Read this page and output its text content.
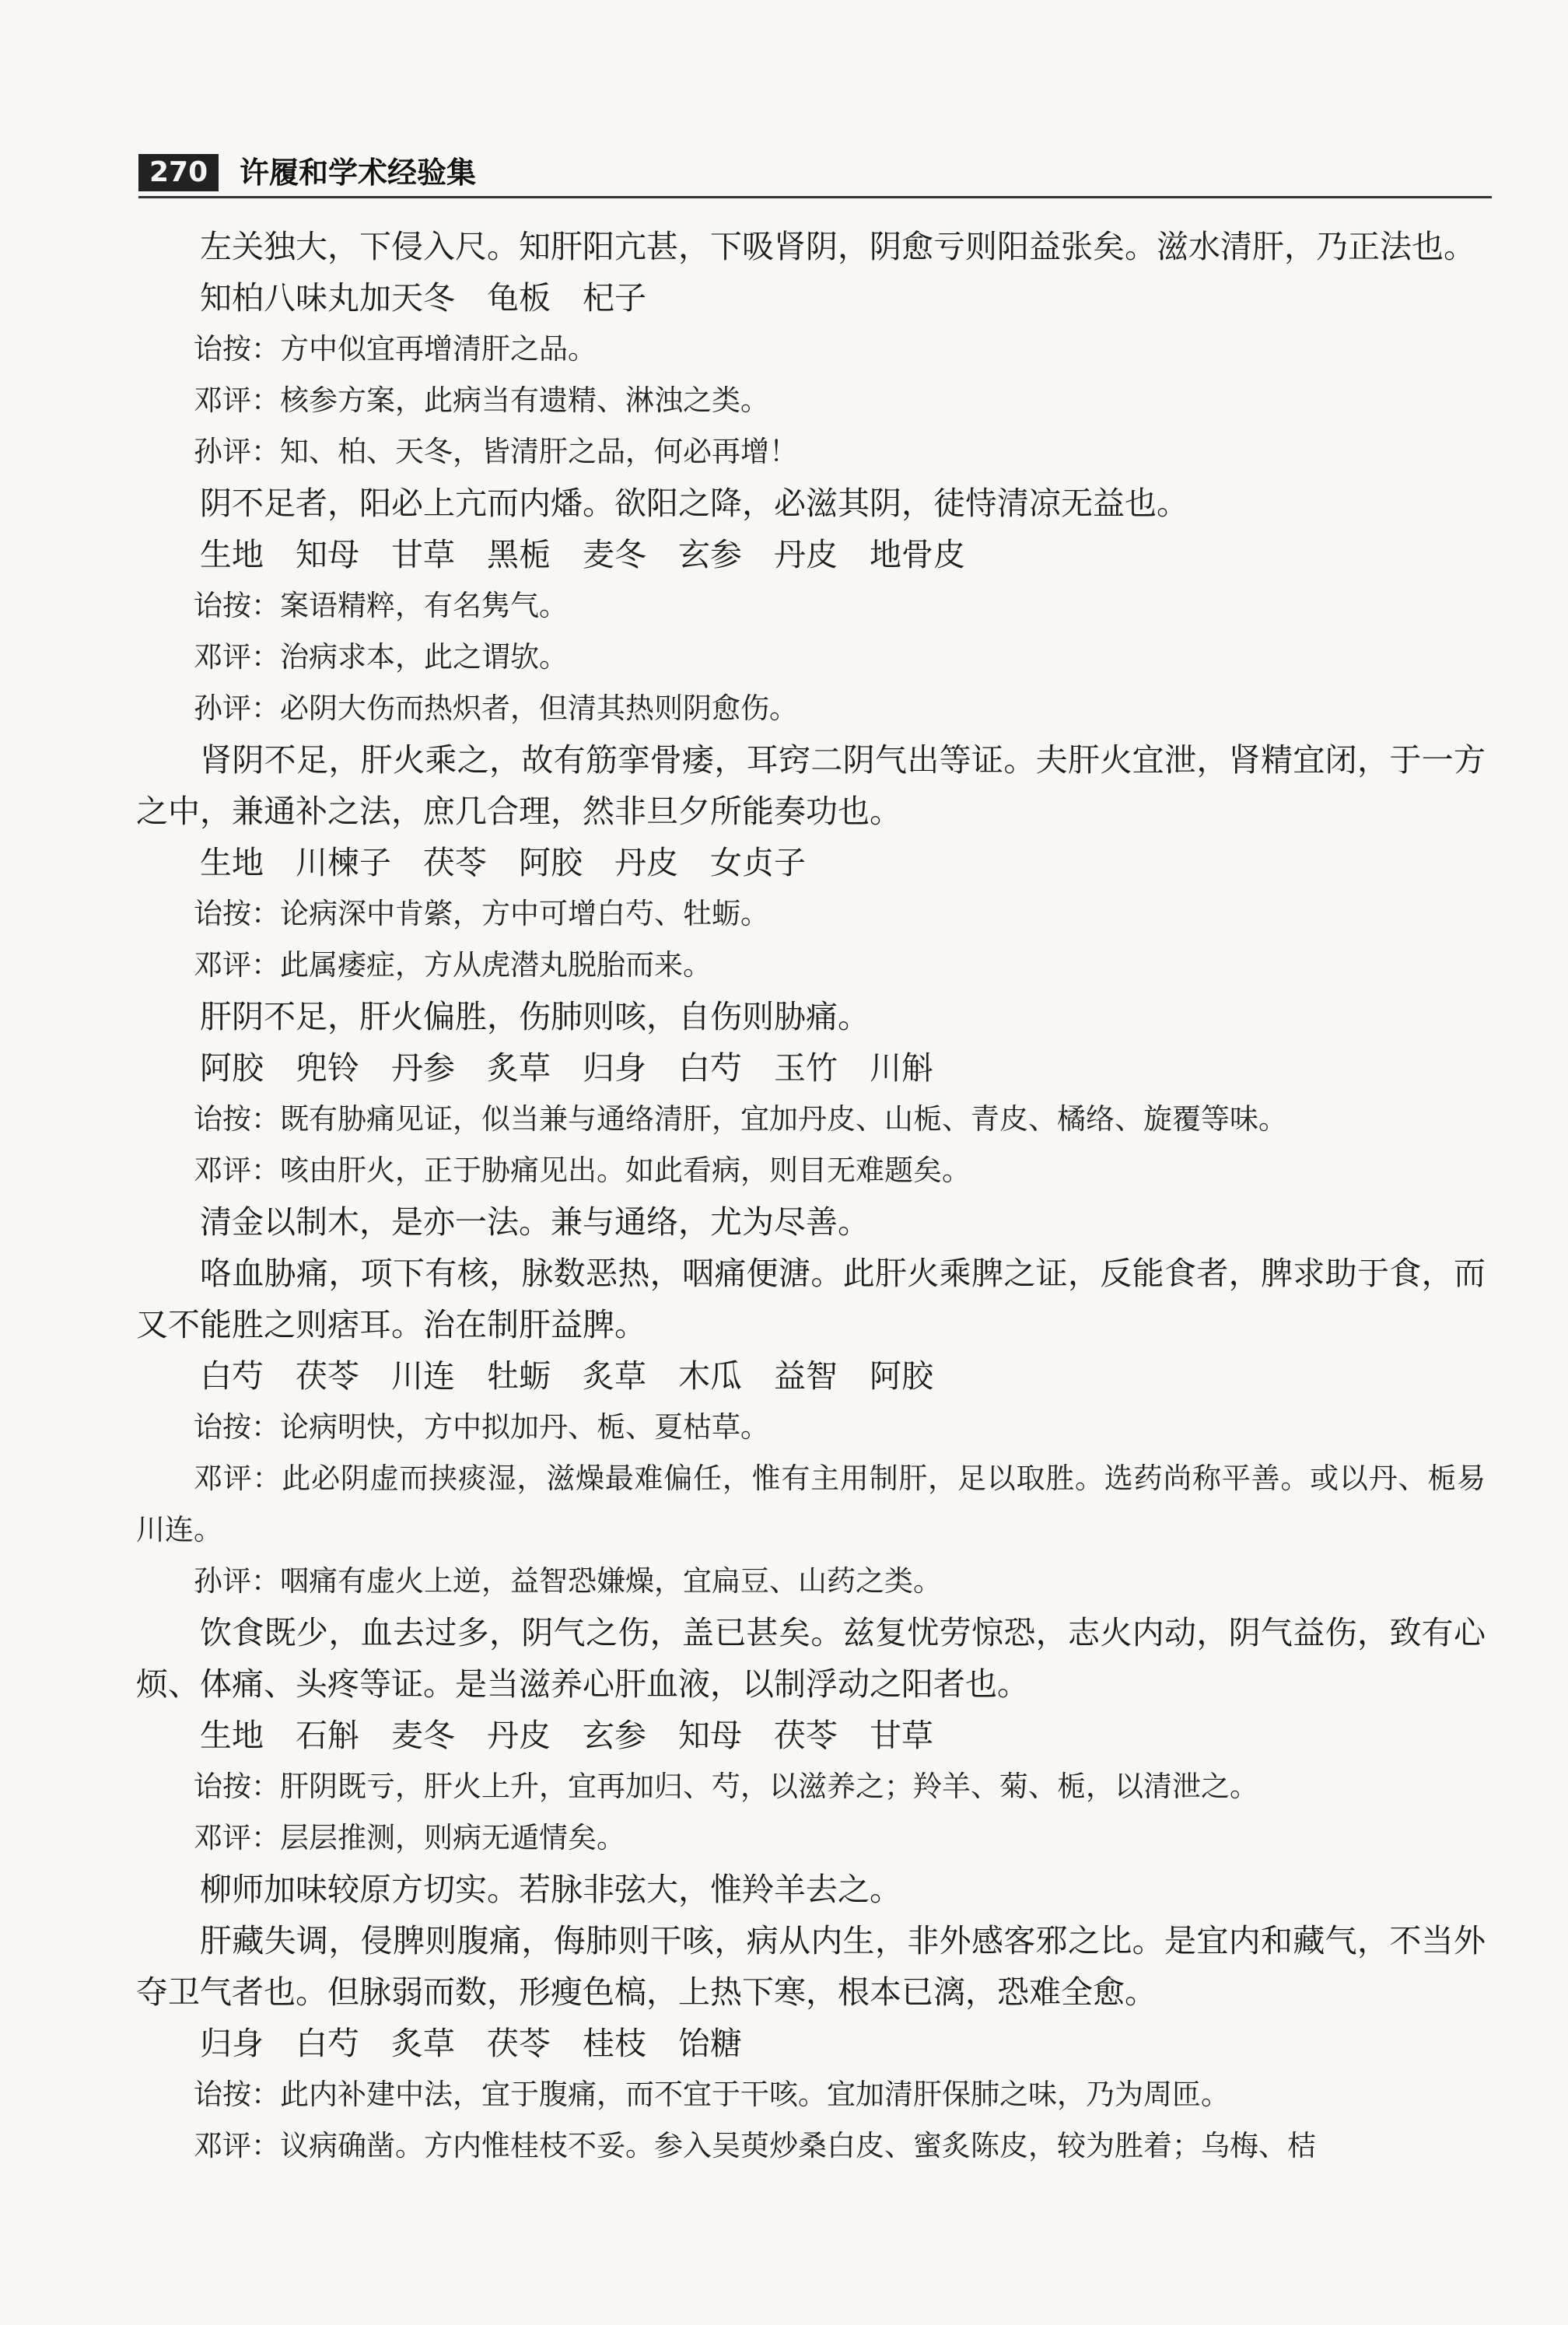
270	许履和学术经验集

左关独大，下侵入尺。知肝阳亢甚，下吸肾阴，阴愈亏则阳益张矣。滋水清肝，乃正法也。

知柏八味丸加天冬　龟板　杞子

诒按：方中似宜再增清肝之品。

邓评：核参方案，此病当有遗精、淋浊之类。

孙评：知、柏、天冬，皆清肝之品，何必再增！

阴不足者，阳必上亢而内燔。欲阳之降，必滋其阴，徒恃清凉无益也。

生地　知母　甘草　黑栀　麦冬　玄参　丹皮　地骨皮

诒按：案语精粹，有名隽气。

邓评：治病求本，此之谓欤。

孙评：必阴大伤而热炽者，但清其热则阴愈伤。

肾阴不足，肝火乘之，故有筋挛骨痿，耳窍二阴气出等证。夫肝火宜泄，肾精宜闭，于一方之中，兼通补之法，庶几合理，然非旦夕所能奏功也。

生地　川楝子　茯苓　阿胶　丹皮　女贞子

诒按：论病深中肯綮，方中可增白芍、牡蛎。

邓评：此属痿症，方从虎潜丸脱胎而来。

肝阴不足，肝火偏胜，伤肺则咳，自伤则胁痛。

阿胶　兜铃　丹参　炙草　归身　白芍　玉竹　川斛

诒按：既有胁痛见证，似当兼与通络清肝，宜加丹皮、山栀、青皮、橘络、旋覆等味。

邓评：咳由肝火，正于胁痛见出。如此看病，则目无难题矣。

清金以制木，是亦一法。兼与通络，尤为尽善。

咯血胁痛，项下有核，脉数恶热，咽痛便溏。此肝火乘脾之证，反能食者，脾求助于食，而又不能胜之则痞耳。治在制肝益脾。

白芍　茯苓　川连　牡蛎　炙草　木瓜　益智　阿胶

诒按：论病明快，方中拟加丹、栀、夏枯草。

邓评：此必阴虚而挟痰湿，滋燥最难偏任，惟有主用制肝，足以取胜。选药尚称平善。或以丹、栀易川连。

孙评：咽痛有虚火上逆，益智恐嫌燥，宜扁豆、山药之类。

饮食既少，血去过多，阴气之伤，盖已甚矣。兹复忧劳惊恐，志火内动，阴气益伤，致有心烦、体痛、头疼等证。是当滋养心肝血液，以制浮动之阳者也。

生地　石斛　麦冬　丹皮　玄参　知母　茯苓　甘草

诒按：肝阴既亏，肝火上升，宜再加归、芍，以滋养之；羚羊、菊、栀，以清泄之。

邓评：层层推测，则病无遁情矣。

柳师加味较原方切实。若脉非弦大，惟羚羊去之。

肝藏失调，侵脾则腹痛，侮肺则干咳，病从内生，非外感客邪之比。是宜内和藏气，不当外夺卫气者也。但脉弱而数，形瘦色槁，上热下寒，根本已漓，恐难全愈。

归身　白芍　炙草　茯苓　桂枝　饴糖

诒按：此内补建中法，宜于腹痛，而不宜于干咳。宜加清肝保肺之味，乃为周匝。

邓评：议病确凿。方内惟桂枝不妥。参入吴萸炒桑白皮、蜜炙陈皮，较为胜着；乌梅、桔
